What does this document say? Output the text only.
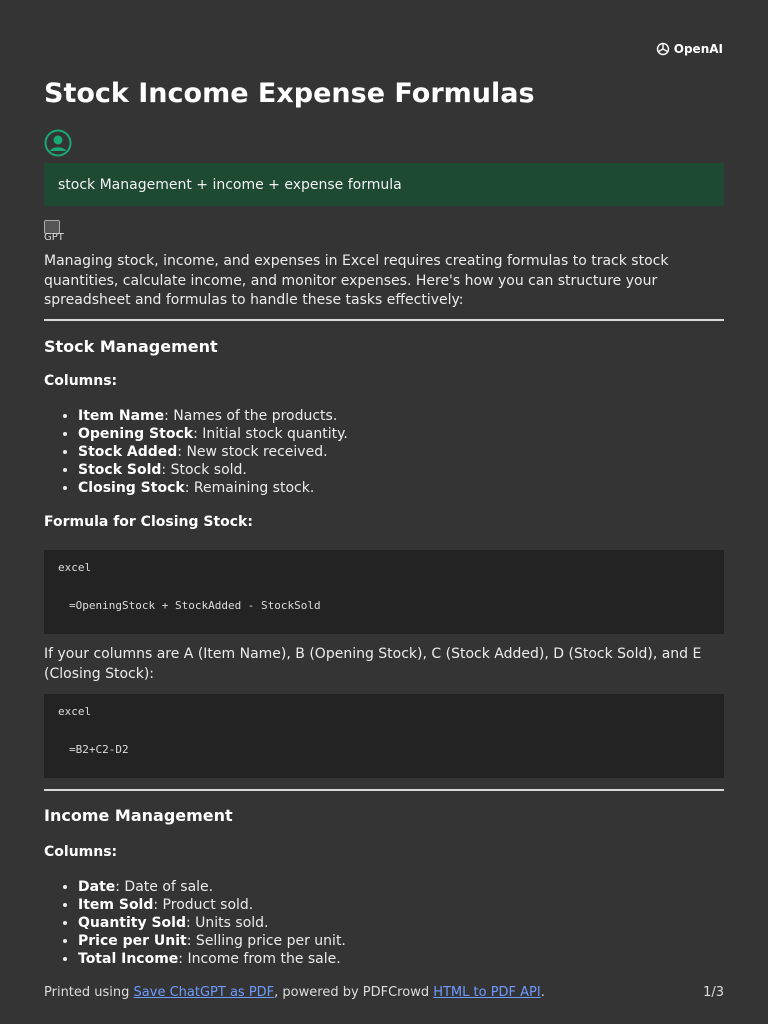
OpenAI
Stock Income Expense Formulas
stock Management + income + expense formula
GPT

Managing stock, income, and expenses in Excel requires creating formulas to track stock quantities, calculate income, and monitor expenses. Here's how you can structure your spreadsheet and formulas to handle these tasks effectively:

Stock Management

Columns:

• Item Name: Names of the products.
• Opening Stock: Initial stock quantity.
• Stock Added: New stock received.
• Stock Sold: Stock sold.
• Closing Stock: Remaining stock.

Formula for Closing Stock:

excel
=OpeningStock + StockAdded - StockSold

If your columns are A (Item Name), B (Opening Stock), C (Stock Added), D (Stock Sold), and E (Closing Stock):

excel
=B2+C2-D2
Income Management

Columns:

• Date: Date of sale.
• Item Sold: Product sold.
• Quantity Sold: Units sold.
• Price per Unit: Selling price per unit.
• Total Income: Income from the sale.
Printed using Save ChatGPT as PDF, powered by PDFCrowd HTML to PDF API.	1/3
